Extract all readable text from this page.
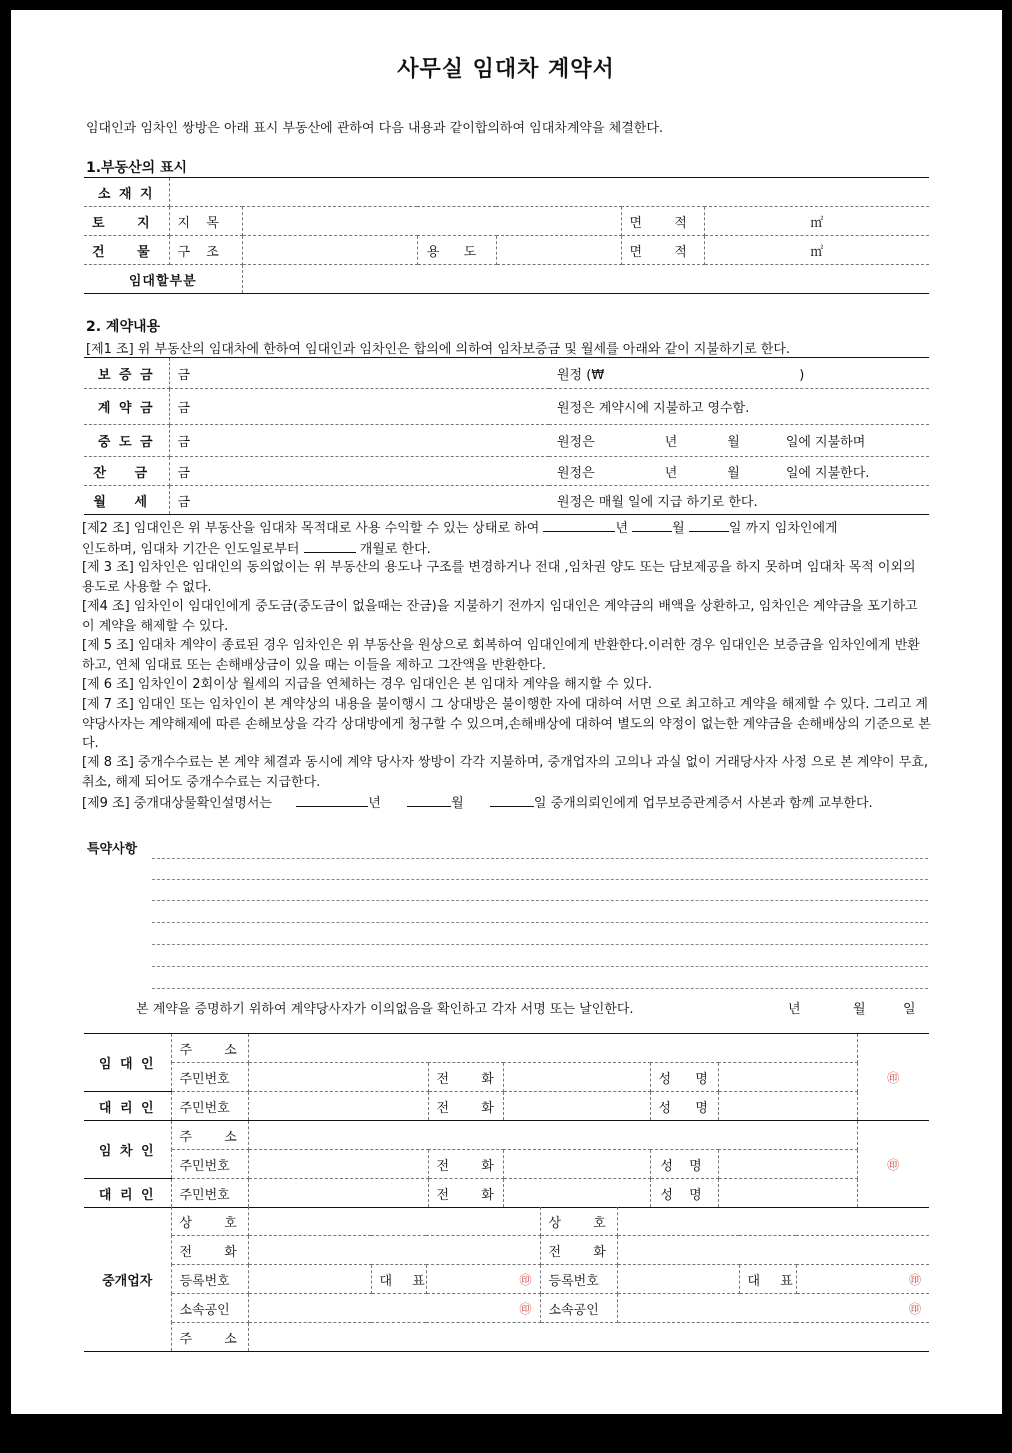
사무실 임대차 계약서
임대인과 임차인 쌍방은 아래 표시 부동산에 관하여 다음 내용과 같이합의하여 임대차계약을 체결한다.
1.부동산의 표시
소 재 지						
토 지	지 목				면 적	㎡
건 물	구 조		용 도		면 적	㎡
임대할부분						
2. 계약내용
[제1 조] 위 부동산의 임대차에 한하여 임대인과 임차인은 합의에 의하여 임차보증금 및 월세를 아래와 같이 지불하기로 한다.
보 증 금	금	원정 (₩ )
계 약 금	금	원정은 계약시에 지불하고 영수함.
중 도 금	금	원정은 년 월 일에 지불하며
잔 금	금	원정은 년 월 일에 지불한다.
월 세	금	원정은 매월 일에 지급 하기로 한다.
[제2 조] 임대인은 위 부동산을 임대차 목적대로 사용 수익할 수 있는 상태로 하여	년	월	일 까지 임차인에게
인도하며, 임대차 기간은 인도일로부터	개월로 한다.
[제 3 조] 임차인은 임대인의 동의없이는 위 부동산의 용도나 구조를 변경하거나 전대 ,임차권 양도 또는 담보제공을 하지 못하며 임대차 목적 이외의 용도로 사용할 수 없다.
[제4 조] 임차인이 임대인에게 중도금(중도금이 없을때는 잔금)을 지불하기 전까지 임대인은 계약금의 배액을 상환하고, 임차인은 계약금을 포기하고 이 계약을 해제할 수 있다.
[제 5 조] 임대차 계약이 종료된 경우 임차인은 위 부동산을 원상으로 회복하여 임대인에게 반환한다.이러한 경우 임대인은 보증금을 임차인에게 반환하고, 연체 임대료 또는 손해배상금이 있을 때는 이들을 제하고 그잔액을 반환한다.
[제 6 조] 임차인이 2회이상 월세의 지급을 연체하는 경우 임대인은 본 임대차 계약을 해지할 수 있다.
[제 7 조] 임대인 또는 임차인이 본 계약상의 내용을 불이행시 그 상대방은 불이행한 자에 대하여 서면 으로 최고하고 계약을 해제할 수 있다. 그리고 계약당사자는 계약해제에 따른 손해보상을 각각 상대방에게 청구할 수 있으며,손해배상에 대하여 별도의 약정이 없는한 계약금을 손해배상의 기준으로 본다.
[제 8 조] 중개수수료는 본 계약 체결과 동시에 계약 당사자 쌍방이 각각 지불하며, 중개업자의 고의나 과실 없이 거래당사자 사정 으로 본 계약이 무효, 취소, 해제 되어도 중개수수료는 지급한다.
[제9 조] 중개대상물확인설명서는	년	월	일 중개의뢰인에게 업무보증관계증서 사본과 함께 교부한다.
특약사항
본 계약을 증명하기 위하여 계약당사자가 이의없음을 확인하고 각자 서명 또는 날인한다.	년	월	일
임 대 인	주 소						㊞
	주민번호		전 화		성 명		
대 리 인	주민번호		전 화		성 명		
임 차 인	주 소						㊞
	주민번호		전 화		성 명		
대 리 인	주민번호		전 화		성 명		
중개업자	상 호				상 호			
	전 화				전 화			
	등록번호		대 표	㊞	등록번호		대 표	㊞
	소속공인	㊞			소속공인	㊞		
	주 소							
